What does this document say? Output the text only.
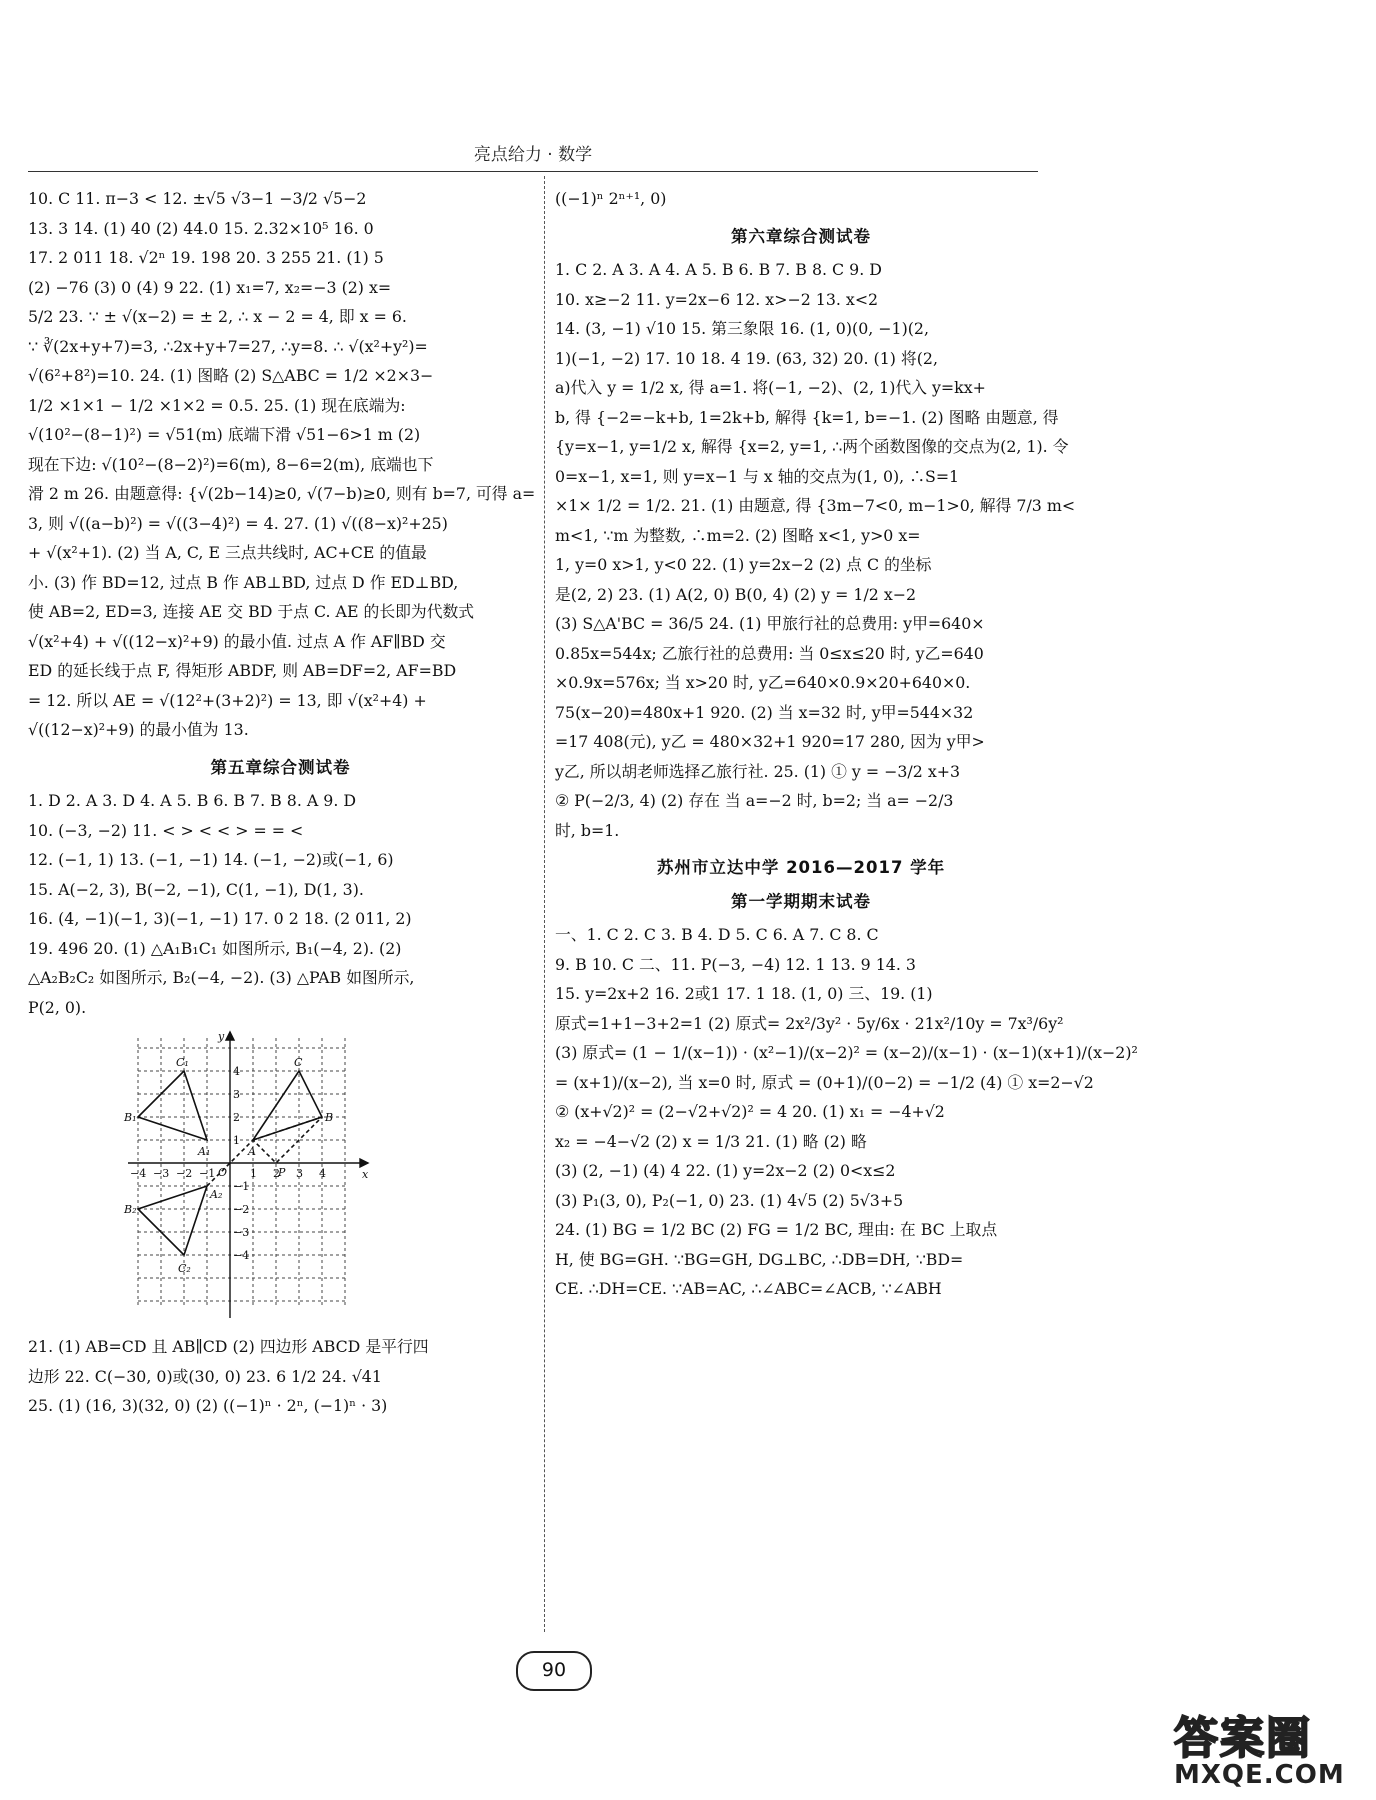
亮点给力 · 数学
10. C 11. π−3 < 12. ±√5 √3−1 −3/2 √5−2
13. 3 14. (1) 40 (2) 44.0 15. 2.32×10⁵ 16. 0
17. 2 011 18. √2ⁿ 19. 198 20. 3 255 21. (1) 5
(2) −76 (3) 0 (4) 9 22. (1) x₁=7, x₂=−3 (2) x=
5/2 23. ∵ ± √(x−2) = ± 2, ∴ x − 2 = 4, 即 x = 6.
∵ ∛(2x+y+7)=3, ∴2x+y+7=27, ∴y=8. ∴ √(x²+y²)=
√(6²+8²)=10. 24. (1) 图略 (2) S△ABC = 1/2 ×2×3−
1/2 ×1×1 − 1/2 ×1×2 = 0.5. 25. (1) 现在底端为:
√(10²−(8−1)²) = √51(m) 底端下滑 √51−6>1 m (2)
现在下边: √(10²−(8−2)²)=6(m), 8−6=2(m), 底端也下
滑 2 m 26. 由题意得: {√(2b−14)≥0, √(7−b)≥0, 则有 b=7, 可得 a=
3, 则 √((a−b)²) = √((3−4)²) = 4. 27. (1) √((8−x)²+25)
+ √(x²+1). (2) 当 A, C, E 三点共线时, AC+CE 的值最
小. (3) 作 BD=12, 过点 B 作 AB⊥BD, 过点 D 作 ED⊥BD,
使 AB=2, ED=3, 连接 AE 交 BD 于点 C. AE 的长即为代数式
√(x²+4) + √((12−x)²+9) 的最小值. 过点 A 作 AF∥BD 交
ED 的延长线于点 F, 得矩形 ABDF, 则 AB=DF=2, AF=BD
= 12. 所以 AE = √(12²+(3+2)²) = 13, 即 √(x²+4) +
√((12−x)²+9) 的最小值为 13.
第五章综合测试卷
1. D 2. A 3. D 4. A 5. B 6. B 7. B 8. A 9. D
10. (−3, −2) 11. < > < < > = = <
12. (−1, 1) 13. (−1, −1) 14. (−1, −2)或(−1, 6)
15. A(−2, 3), B(−2, −1), C(1, −1), D(1, 3).
16. (4, −1)(−1, 3)(−1, −1) 17. 0 2 18. (2 011, 2)
19. 496 20. (1) △A₁B₁C₁ 如图所示, B₁(−4, 2). (2)
△A₂B₂C₂ 如图所示, B₂(−4, −2). (3) △PAB 如图所示,
P(2, 0).
x
y
O
−4 −3 −2 −1	1 2 3 4
4
3
2
1
−1
−2
−3
−4
C₁	C
B₁
A₁	A
B
P
B₂
A₂
C₂
21. (1) AB=CD 且 AB∥CD (2) 四边形 ABCD 是平行四
边形 22. C(−30, 0)或(30, 0) 23. 6 1/2 24. √41
25. (1) (16, 3)(32, 0) (2) ((−1)ⁿ · 2ⁿ, (−1)ⁿ · 3)
((−1)ⁿ 2ⁿ⁺¹, 0)
第六章综合测试卷
1. C 2. A 3. A 4. A 5. B 6. B 7. B 8. C 9. D
10. x≥−2 11. y=2x−6 12. x>−2 13. x<2
14. (3, −1) √10 15. 第三象限 16. (1, 0)(0, −1)(2,
1)(−1, −2) 17. 10 18. 4 19. (63, 32) 20. (1) 将(2,
a)代入 y = 1/2 x, 得 a=1. 将(−1, −2)、(2, 1)代入 y=kx+
b, 得 {−2=−k+b, 1=2k+b, 解得 {k=1, b=−1. (2) 图略 由题意, 得
{y=x−1, y=1/2 x, 解得 {x=2, y=1, ∴两个函数图像的交点为(2, 1). 令
0=x−1, x=1, 则 y=x−1 与 x 轴的交点为(1, 0), ∴S=1
×1× 1/2 = 1/2. 21. (1) 由题意, 得 {3m−7<0, m−1>0, 解得 7/3 m<
m<1, ∵m 为整数, ∴m=2. (2) 图略 x<1, y>0 x=
1, y=0 x>1, y<0 22. (1) y=2x−2 (2) 点 C 的坐标
是(2, 2) 23. (1) A(2, 0) B(0, 4) (2) y = 1/2 x−2
(3) S△A'BC = 36/5 24. (1) 甲旅行社的总费用: y甲=640×
0.85x=544x; 乙旅行社的总费用: 当 0≤x≤20 时, y乙=640
×0.9x=576x; 当 x>20 时, y乙=640×0.9×20+640×0.
75(x−20)=480x+1 920. (2) 当 x=32 时, y甲=544×32
=17 408(元), y乙 = 480×32+1 920=17 280, 因为 y甲>
y乙, 所以胡老师选择乙旅行社. 25. (1) ① y = −3/2 x+3
② P(−2/3, 4) (2) 存在 当 a=−2 时, b=2; 当 a= −2/3
时, b=1.
苏州市立达中学 2016—2017 学年
第一学期期末试卷
一、1. C 2. C 3. B 4. D 5. C 6. A 7. C 8. C
9. B 10. C 二、11. P(−3, −4) 12. 1 13. 9 14. 3
15. y=2x+2 16. 2或1 17. 1 18. (1, 0) 三、19. (1)
原式=1+1−3+2=1 (2) 原式= 2x²/3y² · 5y/6x · 21x²/10y = 7x³/6y²
(3) 原式= (1 − 1/(x−1)) · (x²−1)/(x−2)² = (x−2)/(x−1) · (x−1)(x+1)/(x−2)²
= (x+1)/(x−2), 当 x=0 时, 原式 = (0+1)/(0−2) = −1/2 (4) ① x=2−√2
② (x+√2)² = (2−√2+√2)² = 4 20. (1) x₁ = −4+√2
x₂ = −4−√2 (2) x = 1/3 21. (1) 略 (2) 略
(3) (2, −1) (4) 4 22. (1) y=2x−2 (2) 0<x≤2
(3) P₁(3, 0), P₂(−1, 0) 23. (1) 4√5 (2) 5√3+5
24. (1) BG = 1/2 BC (2) FG = 1/2 BC, 理由: 在 BC 上取点
H, 使 BG=GH. ∵BG=GH, DG⊥BC, ∴DB=DH, ∵BD=
CE. ∴DH=CE. ∵AB=AC, ∴∠ABC=∠ACB, ∵∠ABH
90
答案圈
MXQE.COM
